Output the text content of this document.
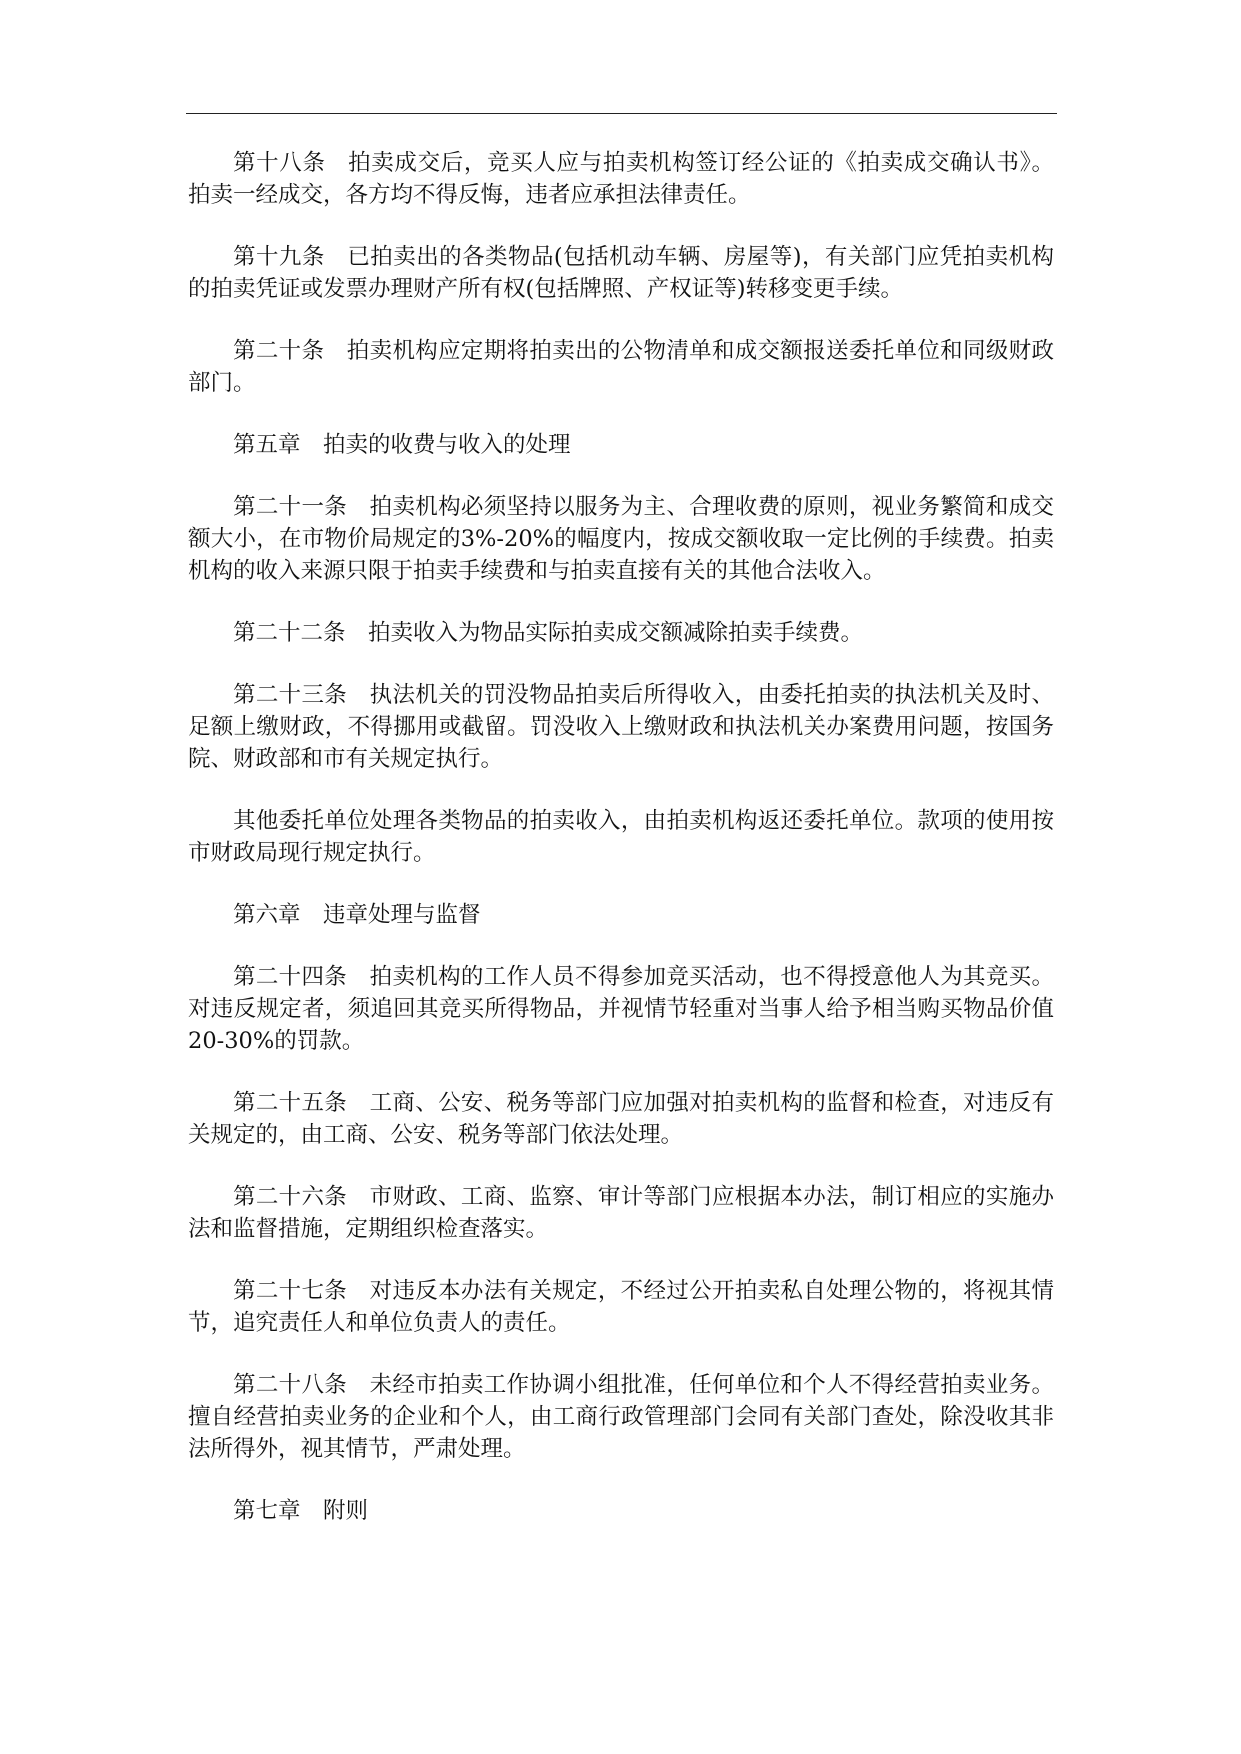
第十八条 拍卖成交后，竞买人应与拍卖机构签订经公证的《拍卖成交确认书》。拍卖一经成交，各方均不得反悔，违者应承担法律责任。

第十九条 已拍卖出的各类物品(包括机动车辆、房屋等)，有关部门应凭拍卖机构的拍卖凭证或发票办理财产所有权(包括牌照、产权证等)转移变更手续。

第二十条 拍卖机构应定期将拍卖出的公物清单和成交额报送委托单位和同级财政部门。

第五章 拍卖的收费与收入的处理

第二十一条 拍卖机构必须坚持以服务为主、合理收费的原则，视业务繁简和成交额大小，在市物价局规定的3%-20%的幅度内，按成交额收取一定比例的手续费。拍卖机构的收入来源只限于拍卖手续费和与拍卖直接有关的其他合法收入。

第二十二条 拍卖收入为物品实际拍卖成交额减除拍卖手续费。

第二十三条 执法机关的罚没物品拍卖后所得收入，由委托拍卖的执法机关及时、足额上缴财政，不得挪用或截留。罚没收入上缴财政和执法机关办案费用问题，按国务院、财政部和市有关规定执行。

其他委托单位处理各类物品的拍卖收入，由拍卖机构返还委托单位。款项的使用按市财政局现行规定执行。

第六章 违章处理与监督

第二十四条 拍卖机构的工作人员不得参加竞买活动，也不得授意他人为其竞买。对违反规定者，须追回其竞买所得物品，并视情节轻重对当事人给予相当购买物品价值20-30%的罚款。

第二十五条 工商、公安、税务等部门应加强对拍卖机构的监督和检查，对违反有关规定的，由工商、公安、税务等部门依法处理。

第二十六条 市财政、工商、监察、审计等部门应根据本办法，制订相应的实施办法和监督措施，定期组织检查落实。

第二十七条 对违反本办法有关规定，不经过公开拍卖私自处理公物的，将视其情节，追究责任人和单位负责人的责任。

第二十八条 未经市拍卖工作协调小组批准，任何单位和个人不得经营拍卖业务。擅自经营拍卖业务的企业和个人，由工商行政管理部门会同有关部门查处，除没收其非法所得外，视其情节，严肃处理。

第七章 附则
